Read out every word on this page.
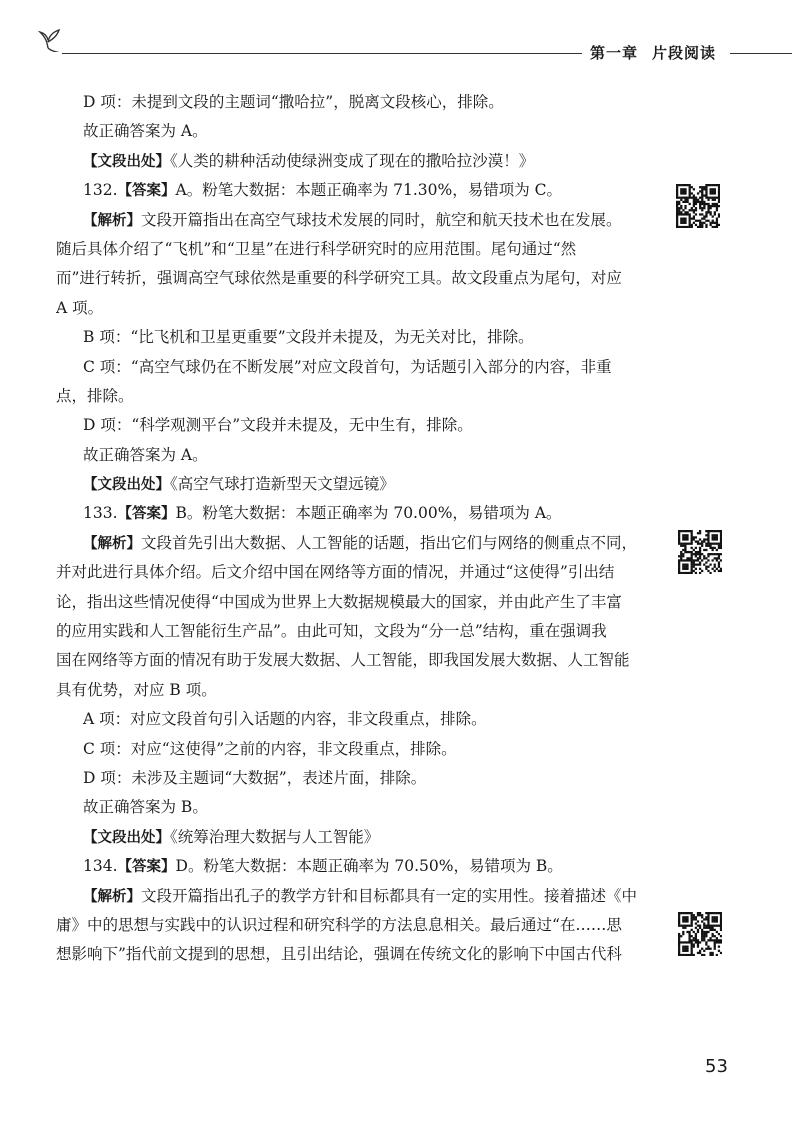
第一章 片段阅读
D 项：未提到文段的主题词“撒哈拉”，脱离文段核心，排除。
故正确答案为 A。
【文段出处】《人类的耕种活动使绿洲变成了现在的撒哈拉沙漠！》
132.【答案】A。粉笔大数据：本题正确率为 71.30%，易错项为 C。
【解析】文段开篇指出在高空气球技术发展的同时，航空和航天技术也在发展。
随后具体介绍了“飞机”和“卫星”在进行科学研究时的应用范围。尾句通过“然
而”进行转折，强调高空气球依然是重要的科学研究工具。故文段重点为尾句，对应
A 项。
B 项：“比飞机和卫星更重要”文段并未提及，为无关对比，排除。
C 项：“高空气球仍在不断发展”对应文段首句，为话题引入部分的内容，非重
点，排除。
D 项：“科学观测平台”文段并未提及，无中生有，排除。
故正确答案为 A。
【文段出处】《高空气球打造新型天文望远镜》
133.【答案】B。粉笔大数据：本题正确率为 70.00%，易错项为 A。
【解析】文段首先引出大数据、人工智能的话题，指出它们与网络的侧重点不同，
并对此进行具体介绍。后文介绍中国在网络等方面的情况，并通过“这使得”引出结
论，指出这些情况使得“中国成为世界上大数据规模最大的国家，并由此产生了丰富
的应用实践和人工智能衍生产品”。由此可知，文段为“分一总”结构，重在强调我
国在网络等方面的情况有助于发展大数据、人工智能，即我国发展大数据、人工智能
具有优势，对应 B 项。
A 项：对应文段首句引入话题的内容，非文段重点，排除。
C 项：对应“这使得”之前的内容，非文段重点，排除。
D 项：未涉及主题词“大数据”，表述片面，排除。
故正确答案为 B。
【文段出处】《统筹治理大数据与人工智能》
134.【答案】D。粉笔大数据：本题正确率为 70.50%，易错项为 B。
【解析】文段开篇指出孔子的教学方针和目标都具有一定的实用性。接着描述《中
庸》中的思想与实践中的认识过程和研究科学的方法息息相关。最后通过“在……思
想影响下”指代前文提到的思想，且引出结论，强调在传统文化的影响下中国古代科
53
